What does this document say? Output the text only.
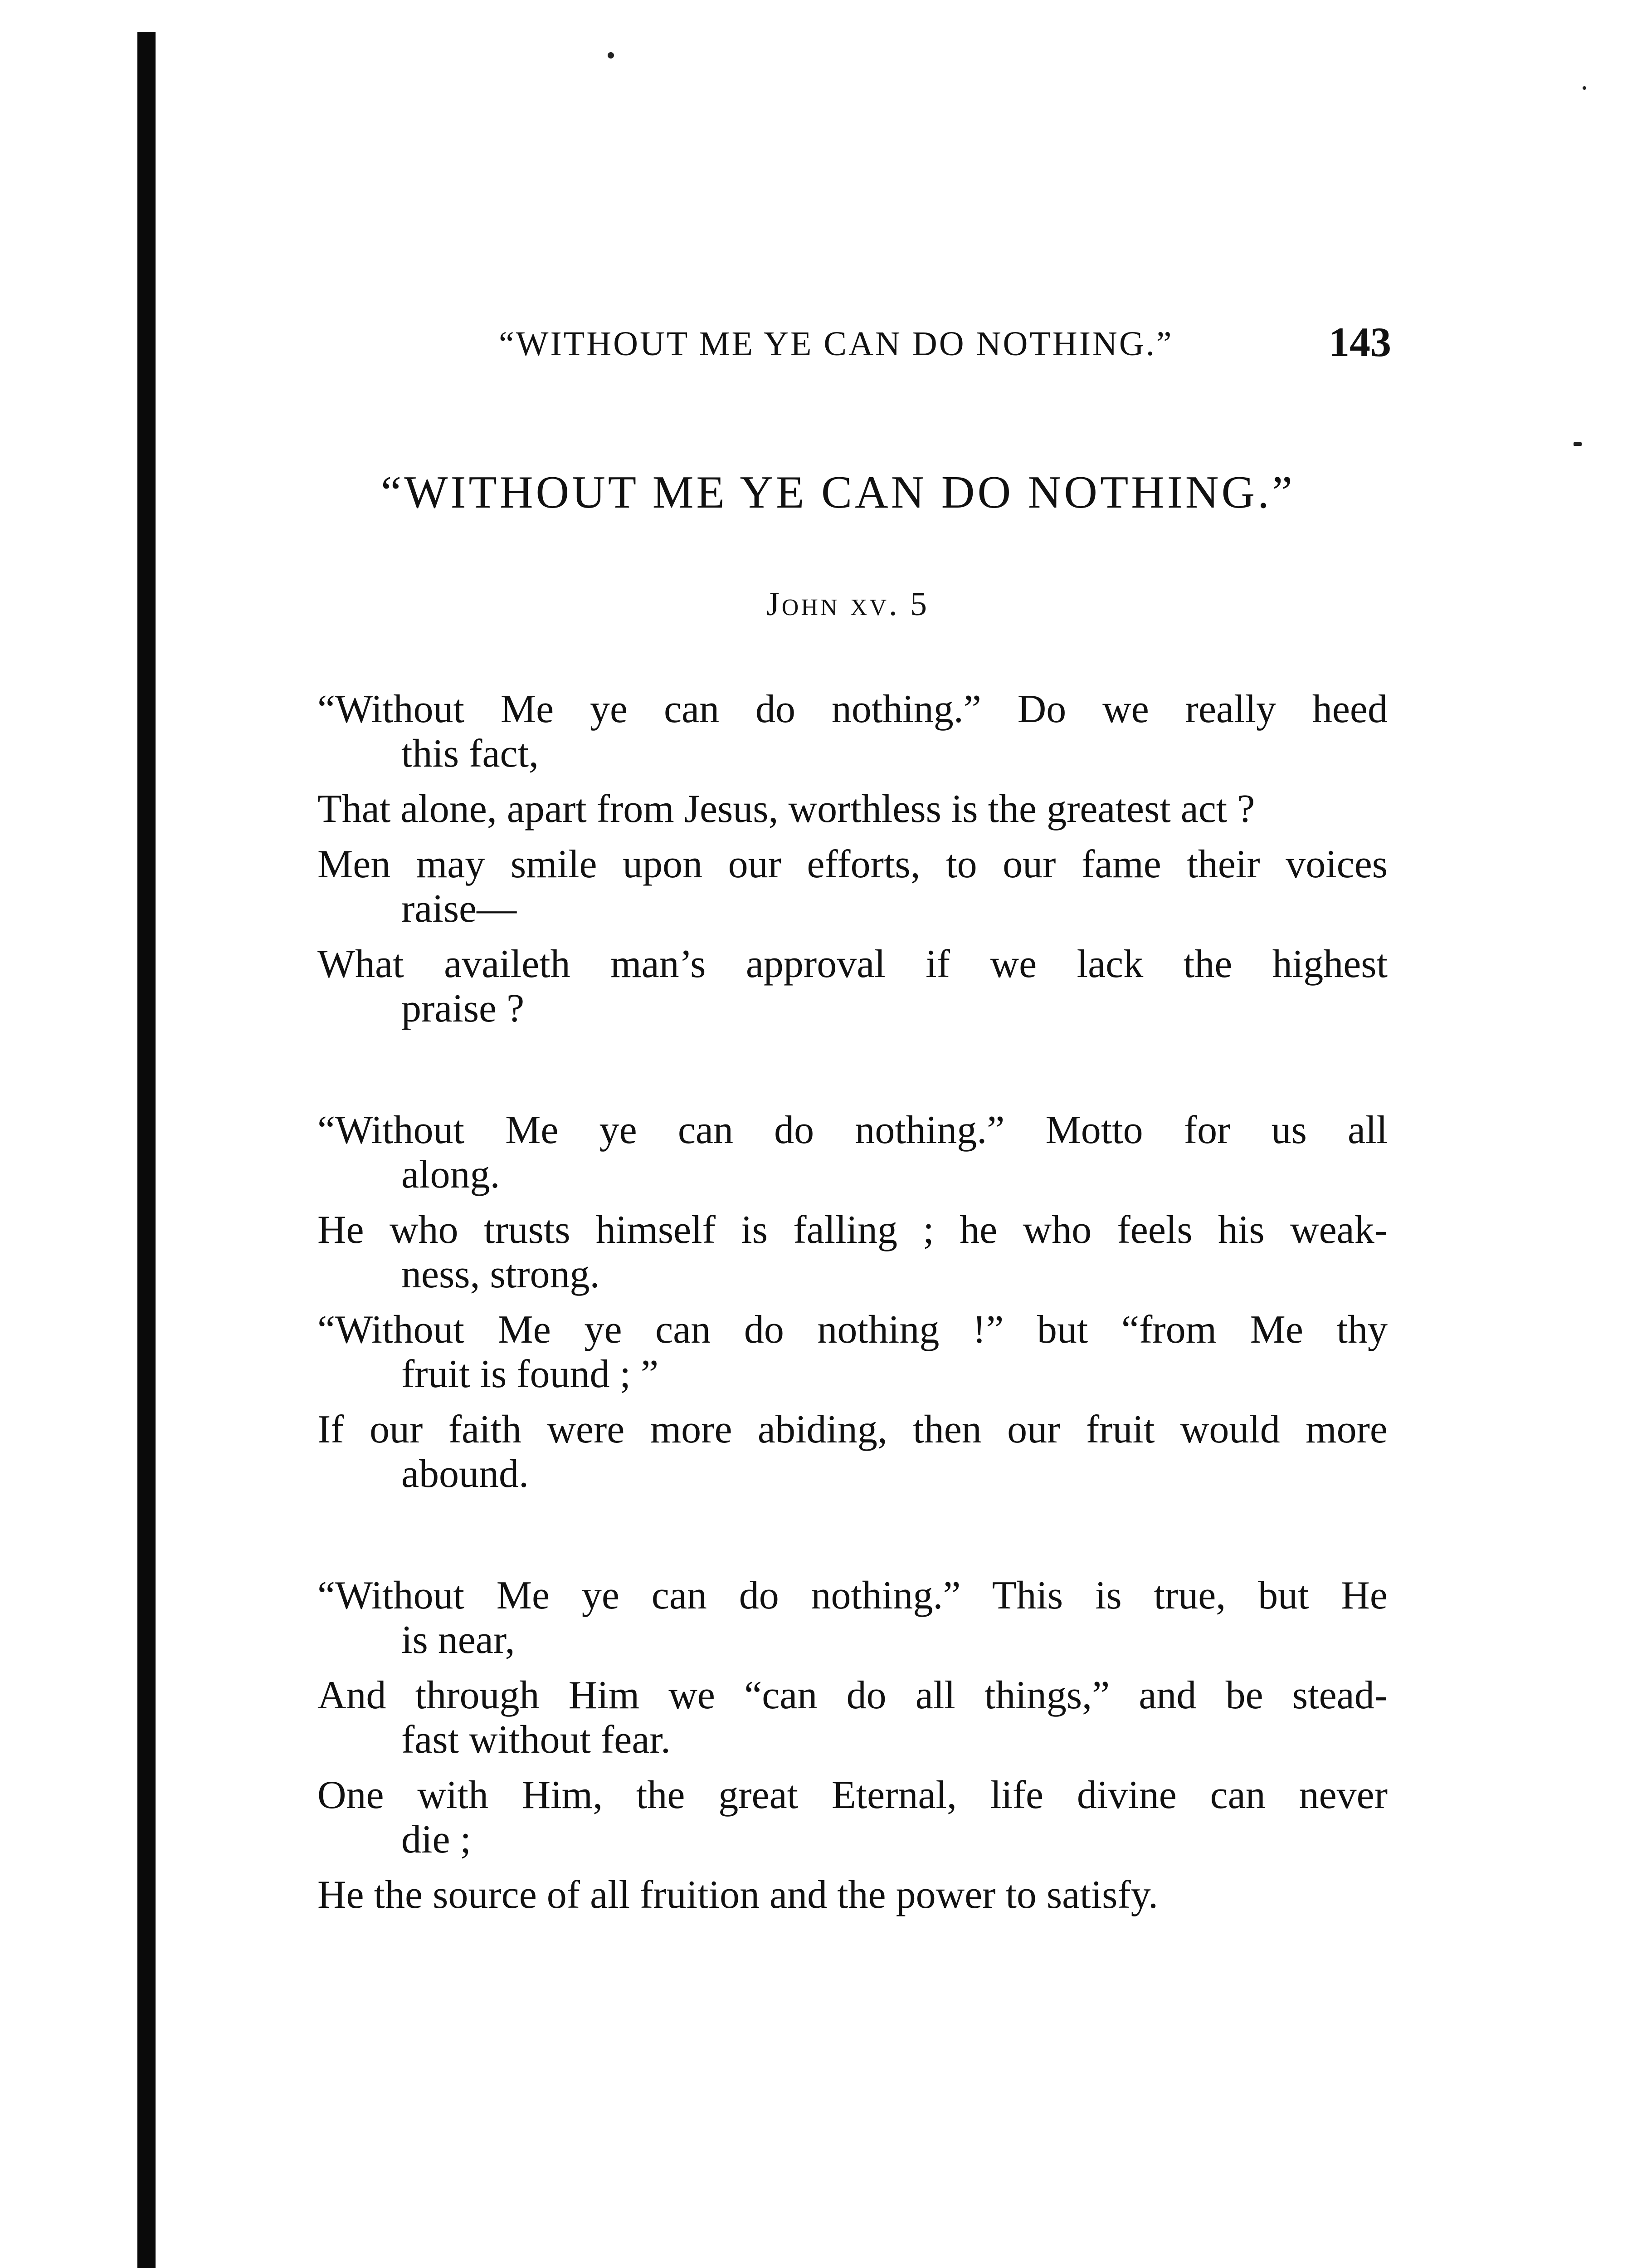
“WITHOUT ME YE CAN DO NOTHING.”	143
“WITHOUT ME YE CAN DO NOTHING.”
John xv. 5
“Without Me ye can do nothing.” Do we really heed
this fact,
That alone, apart from Jesus, worthless is the greatest act ?
Men may smile upon our efforts, to our fame their voices
raise—
What availeth man’s approval if we lack the highest
praise ?
“Without Me ye can do nothing.” Motto for us all
along.
He who trusts himself is falling ; he who feels his weak-
ness, strong.
“Without Me ye can do nothing !” but “from Me thy
fruit is found ; ”
If our faith were more abiding, then our fruit would more
abound.
“Without Me ye can do nothing.” This is true, but He
is near,
And through Him we “can do all things,” and be stead-
fast without fear.
One with Him, the great Eternal, life divine can never
die ;
He the source of all fruition and the power to satisfy.
